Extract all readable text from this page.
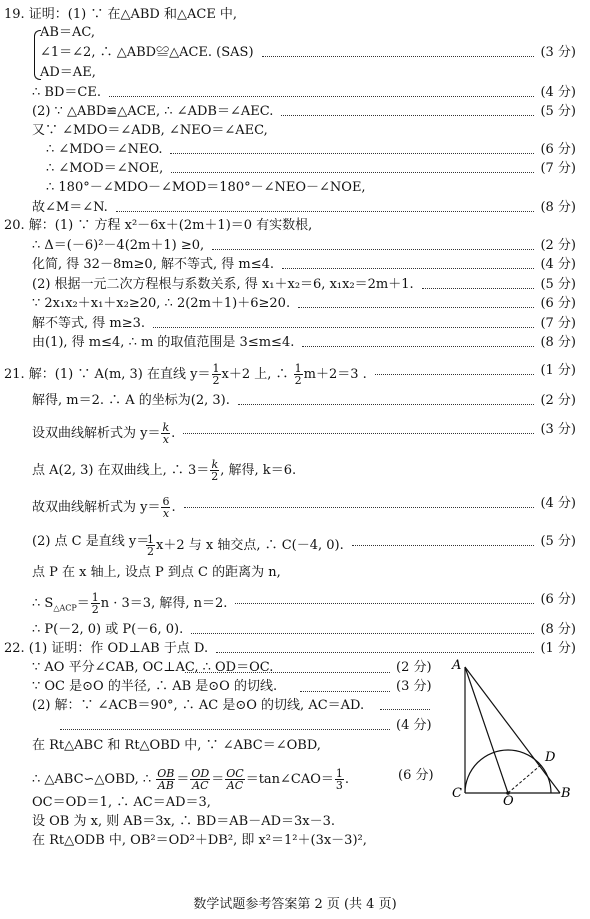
19. 证明：(1) ∵ 在△ABD 和△ACE 中,
AB＝AC,
∠1＝∠2, ∴ △ABD≌△ACE. (SAS)
AD＝AE,
∴ BD＝CE.
(2) ∵ △ABD≌△ACE, ∴ ∠ADB＝∠AEC.
又∵ ∠MDO＝∠ADB, ∠NEO＝∠AEC,
∴ ∠MDO＝∠NEO.
∴ ∠MOD＝∠NOE,
∴ 180°－∠MDO－∠MOD＝180°－∠NEO－∠NOE,
故∠M＝∠N.
20. 解：(1) ∵ 方程 x²－6x＋(2m＋1)＝0 有实数根,
∴ Δ＝(－6)²－4(2m＋1) ≥0,
化简, 得 32－8m≥0, 解不等式, 得 m≤4.
(2) 根据一元二次方程根与系数关系, 得 x₁＋x₂＝6, x₁x₂＝2m＋1.
∵ 2x₁x₂＋x₁＋x₂≥20, ∴ 2(2m＋1)＋6≥20.
解不等式, 得 m≥3.
由(1), 得 m≤4, ∴ m 的取值范围是 3≤m≤4.
解得, m＝2. ∴ A 的坐标为(2, 3).
(2) 点 C 是直线 y＝
点 P 在 x 轴上, 设点 P 到点 C 的距离为 n,
∴ P(－2, 0) 或 P(－6, 0).
22. (1) 证明：作 OD⊥AB 于点 D.
∵ AO 平分∠CAB, OC⊥AC, ∴ OD＝OC.
∵ OC 是⊙O 的半径, ∴ AB 是⊙O 的切线.
(2) 解：∵ ∠ACB＝90°, ∴ AC 是⊙O 的切线, AC＝AD.
在 Rt△ABC 和 Rt△OBD 中, ∵ ∠ABC＝∠OBD,
OC＝OD＝1, ∴ AC＝AD＝3,
设 OB 为 x, 则 AB＝3x, ∴ BD＝AB－AD＝3x－3.
在 Rt△ODB 中, OB²＝OD²＋DB², 即 x²＝1²＋(3x－3)²,
(3 分)
(4 分)
(5 分)
(6 分)
(7 分)
(8 分)
(2 分)
(4 分)
(5 分)
(6 分)
(7 分)
(8 分)
(1 分)
(2 分)
(3 分)
(4 分)
(5 分)
(6 分)
(8 分)
(1 分)
21. 解：(1) ∵ A(m, 3) 在直线 $y= \frac{1}{2} x+2$ 上, ∴ $\frac{1}{2} m+2=3$ .
设双曲线解析式为 $y= \frac{k}{x}$ .
点 A(2, 3) 在双曲线上, ∴ $3= \frac{k}{2}$ , 解得, k＝6.
故双曲线解析式为 $y= \frac{6}{x}$ .
$\frac{1}{2} x+2$ 与 x 轴交点, ∴ C(－4, 0).
∴ $S_{\triangle ACP}= \frac{1}{2}$ n · 3＝3, 解得, n＝2.
∴ △ABC∽△OBD, ∴ $\frac{OB}{AB} = \frac{OD}{AC} = \frac{OC}{AC}$ ＝tan∠CAO＝ $\frac{1}{3}$ .
(2 分)
(3 分)
(4 分)
(6 分)
A
C
O
D
B
数学试题参考答案第 2 页 (共 4 页)
